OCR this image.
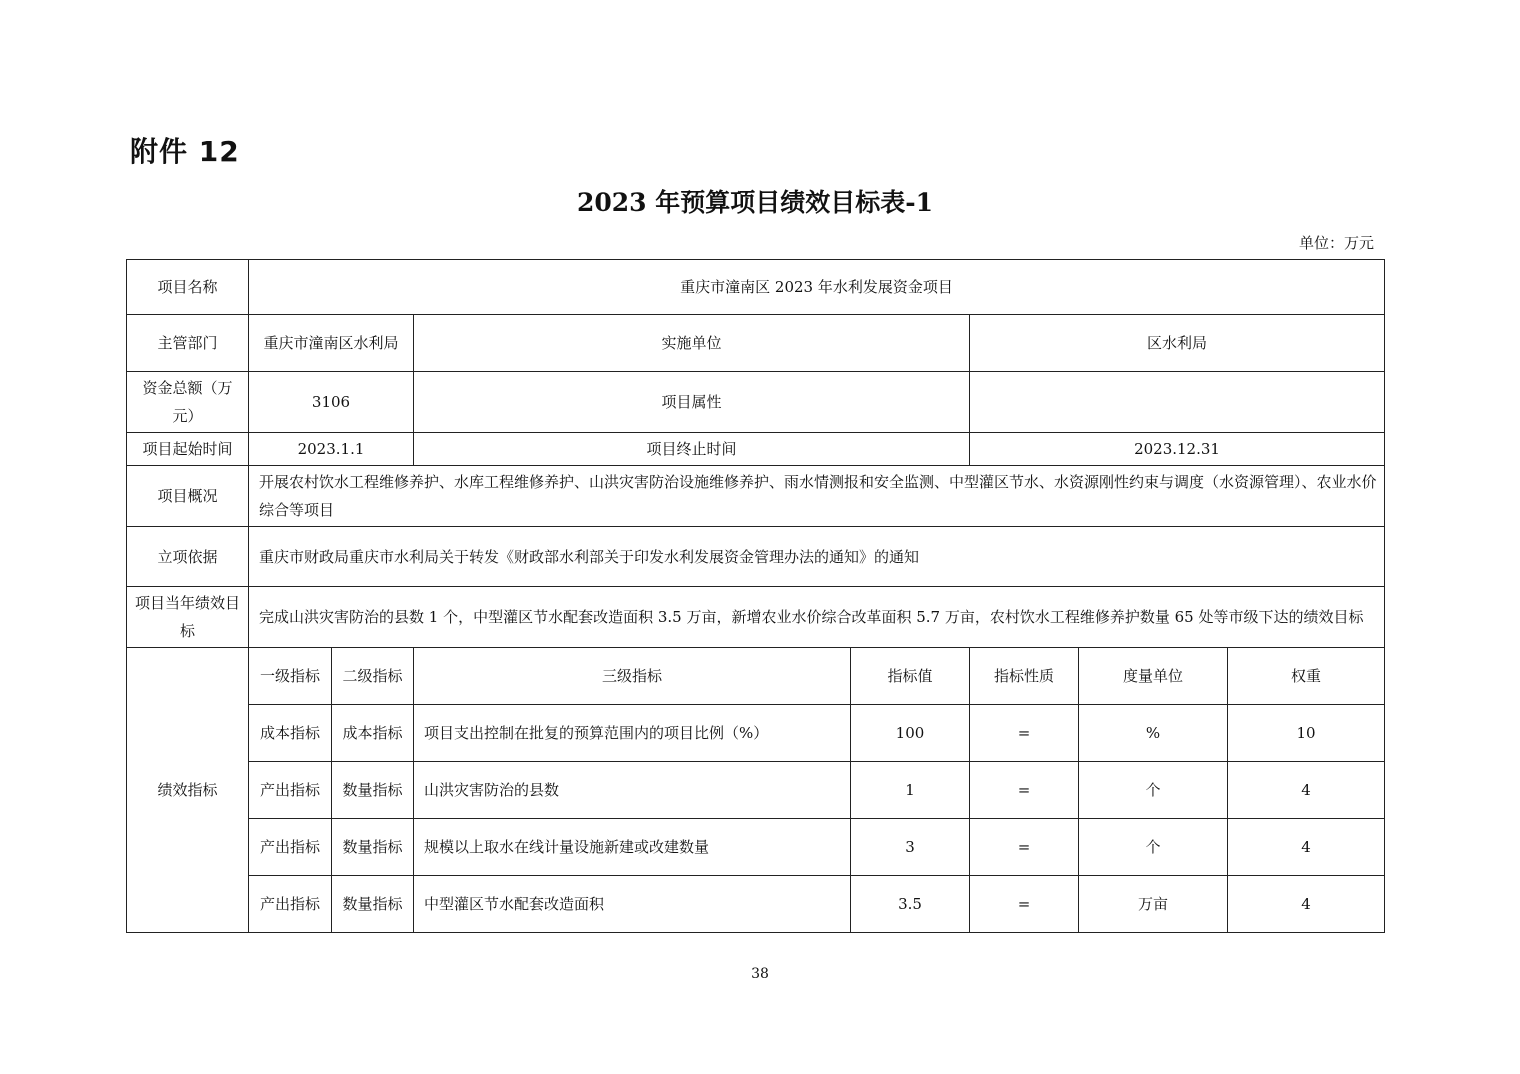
附件 12
2023 年预算项目绩效目标表-1
单位：万元
项目名称	重庆市潼南区 2023 年水利发展资金项目						
主管部门	重庆市潼南区水利局		实施单位		区水利局		
资金总额（万元）	3106		项目属性				
项目起始时间	2023.1.1		项目终止时间		2023.12.31		
项目概况	开展农村饮水工程维修养护、水库工程维修养护、山洪灾害防治设施维修养护、雨水情测报和安全监测、中型灌区节水、水资源刚性约束与调度（水资源管理）、农业水价综合等项目						
立项依据	重庆市财政局重庆市水利局关于转发《财政部水利部关于印发水利发展资金管理办法的通知》的通知						
项目当年绩效目标	完成山洪灾害防治的县数 1 个，中型灌区节水配套改造面积 3.5 万亩，新增农业水价综合改革面积 5.7 万亩，农村饮水工程维修养护数量 65 处等市级下达的绩效目标						
绩效指标	一级指标	二级指标	三级指标	指标值	指标性质	度量单位	权重
	成本指标	成本指标	项目支出控制在批复的预算范围内的项目比例（%）	100	=	%	10
	产出指标	数量指标	山洪灾害防治的县数	1	=	个	4
	产出指标	数量指标	规模以上取水在线计量设施新建或改建数量	3	=	个	4
	产出指标	数量指标	中型灌区节水配套改造面积	3.5	=	万亩	4
38
